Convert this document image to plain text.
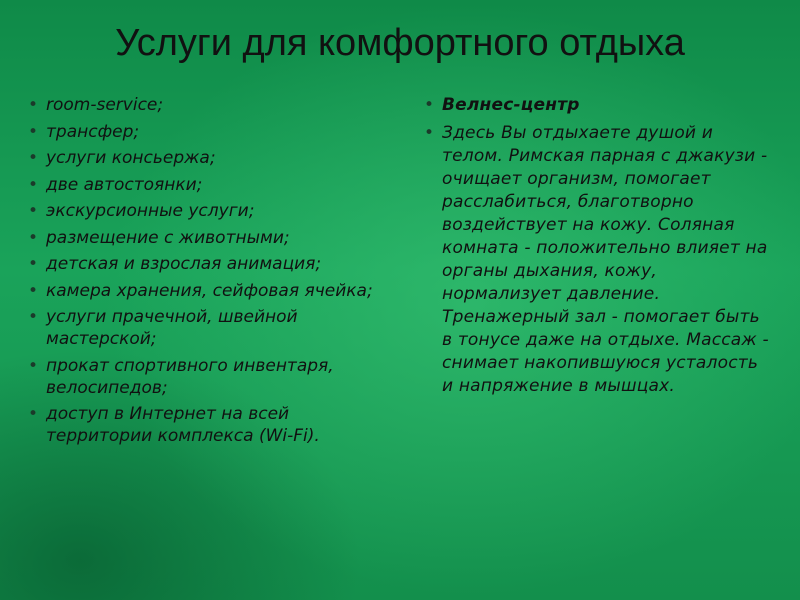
Услуги для комфортного отдыха
• room-service;
• трансфер;
• услуги консьержа;
• две автостоянки;
• экскурсионные услуги;
• размещение с животными;
• детская и взрослая анимация;
• камера хранения, сейфовая ячейка;
• услуги прачечной, швейной мастерской;
• прокат спортивного инвентаря, велосипедов;
• доступ в Интернет на всей территории комплекса (Wi-Fi).
• Велнес-центр
• Здесь Вы отдыхаете душой и телом. Римская парная с джакузи - очищает организм, помогает расслабиться, благотворно воздействует на кожу. Соляная комната - положительно влияет на органы дыхания, кожу, нормализует давление. Тренажерный зал - помогает быть в тонусе даже на отдыхе. Массаж - снимает накопившуюся усталость и напряжение в мышцах.
